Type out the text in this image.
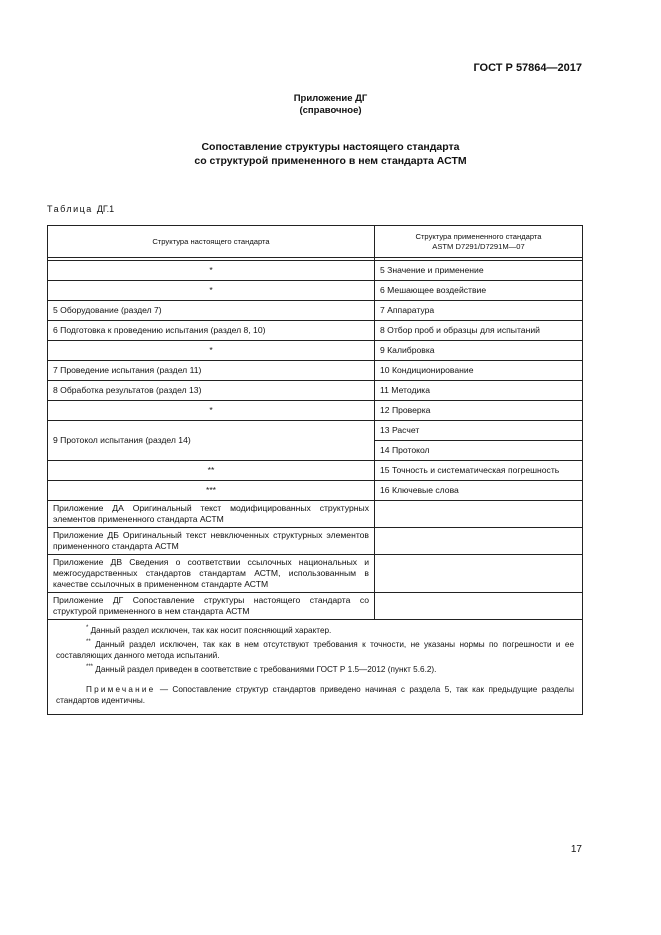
ГОСТ Р 57864—2017
Приложение ДГ
(справочное)
Сопоставление структуры настоящего стандарта
со структурой примененного в нем стандарта АСТМ
Таблица ДГ.1
Структура настоящего стандарта	Структура примененного стандарта
ASTM D7291/D7291M—07

*	5 Значение и применение
*	6 Мешающее воздействие
5 Оборудование (раздел 7)	7 Аппаратура
6 Подготовка к проведению испытания (раздел 8, 10)	8 Отбор проб и образцы для испытаний
*	9 Калибровка
7 Проведение испытания (раздел 11)	10 Кондиционирование
8 Обработка результатов (раздел 13)	11 Методика
*	12 Проверка
9 Протокол испытания (раздел 14)	13 Расчет
	14 Протокол
**	15 Точность и систематическая погрешность
***	16 Ключевые слова
Приложение ДА Оригинальный текст модифицированных структурных элементов примененного стандарта АСТМ	
Приложение ДБ Оригинальный текст невключенных структурных элементов примененного стандарта АСТМ	
Приложение ДВ Сведения о соответствии ссылочных национальных и межгосударственных стандартов стандартам АСТМ, использованным в качестве ссылочных в примененном стандарте АСТМ	
Приложение ДГ Сопоставление структуры настоящего стандарта со структурой примененного в нем стандарта АСТМ	

* Данный раздел исключен, так как носит поясняющий характер.

** Данный раздел исключен, так как в нем отсутствуют требования к точности, не указаны нормы по погрешности и ее составляющих данного метода испытаний.

*** Данный раздел приведен в соответствие с требованиями ГОСТ Р 1.5—2012 (пункт 5.6.2).

Примечание — Сопоставление структур стандартов приведено начиная с раздела 5, так как предыдущие разделы стандартов идентичны.	

17
